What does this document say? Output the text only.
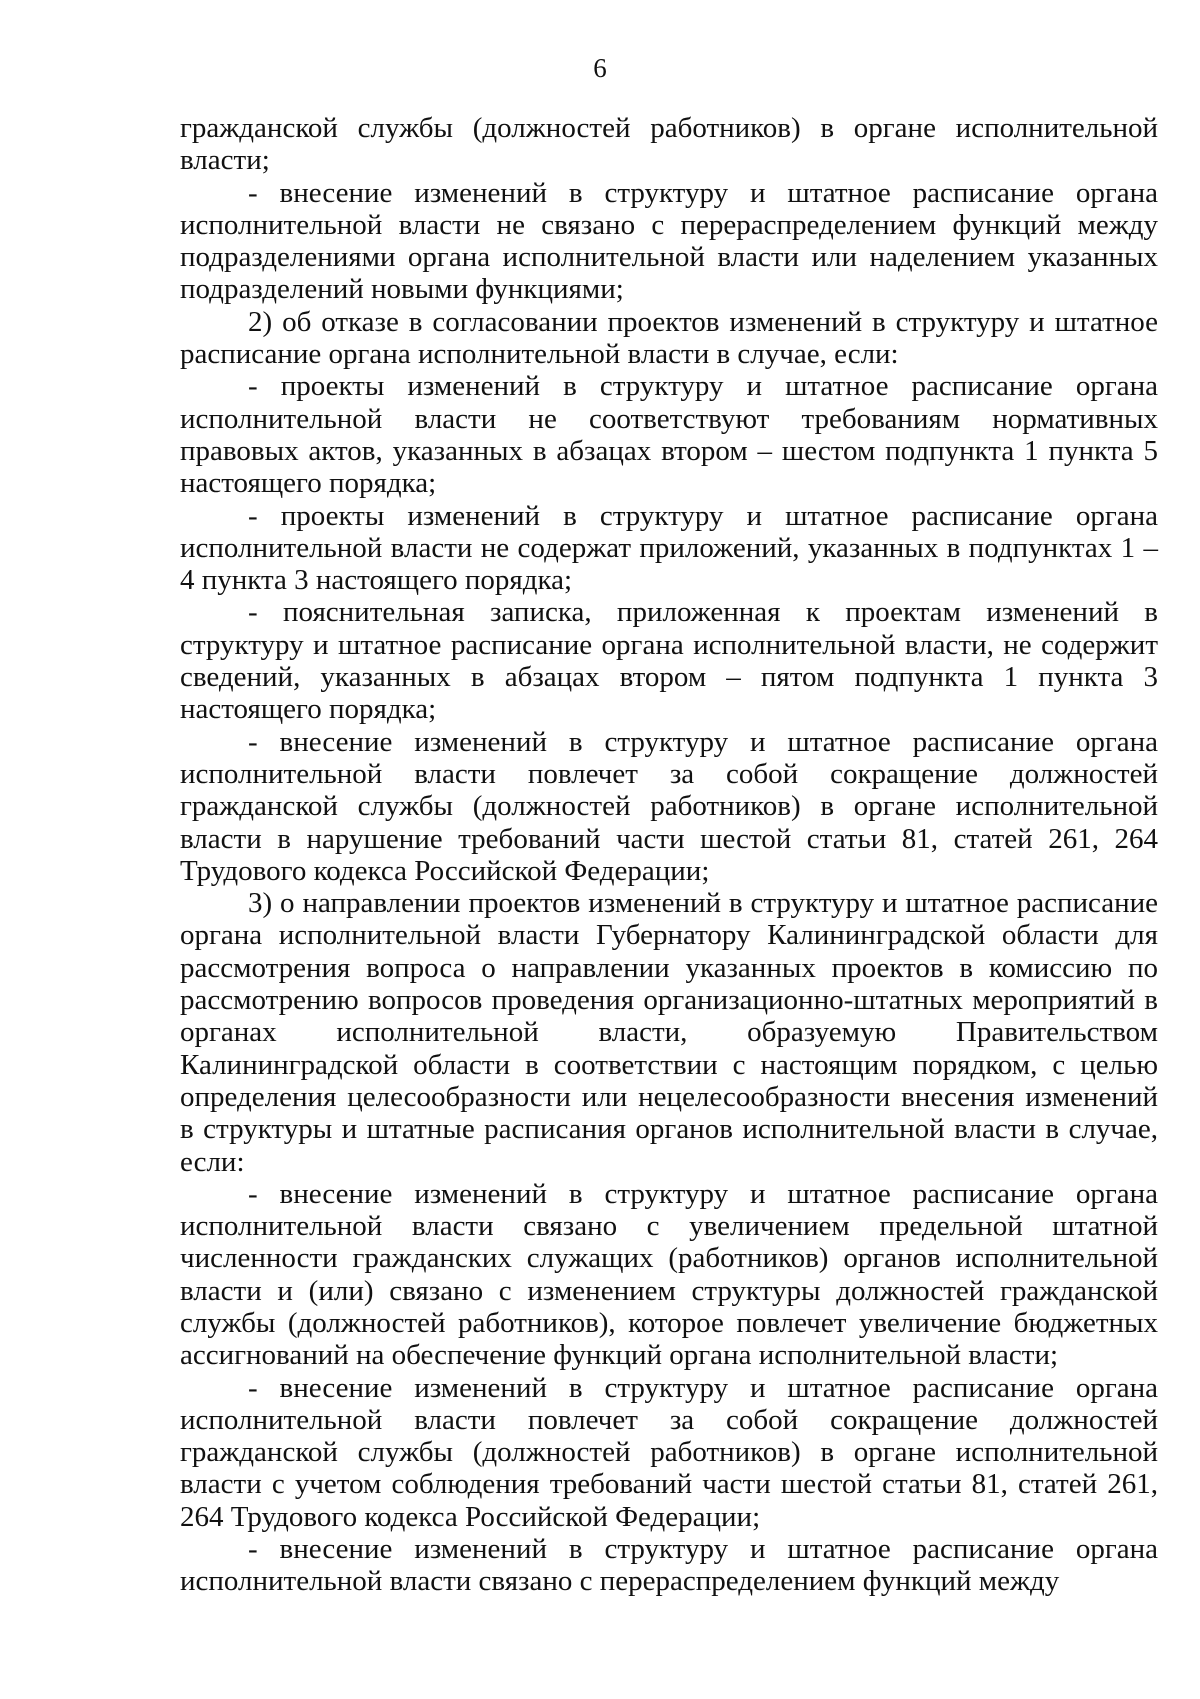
6

гражданской службы (должностей работников) в органе исполнительной власти;

- внесение изменений в структуру и штатное расписание органа исполнительной власти не связано с перераспределением функций между подразделениями органа исполнительной власти или наделением указанных подразделений новыми функциями;

2) об отказе в согласовании проектов изменений в структуру и штатное расписание органа исполнительной власти в случае, если:

- проекты изменений в структуру и штатное расписание органа исполнительной власти не соответствуют требованиям нормативных правовых актов, указанных в абзацах втором – шестом подпункта 1 пункта 5 настоящего порядка;

- проекты изменений в структуру и штатное расписание органа исполнительной власти не содержат приложений, указанных в подпунктах 1 – 4 пункта 3 настоящего порядка;

- пояснительная записка, приложенная к проектам изменений в структуру и штатное расписание органа исполнительной власти, не содержит сведений, указанных в абзацах втором – пятом подпункта 1 пункта 3 настоящего порядка;

- внесение изменений в структуру и штатное расписание органа исполнительной власти повлечет за собой сокращение должностей гражданской службы (должностей работников) в органе исполнительной власти в нарушение требований части шестой статьи 81, статей 261, 264 Трудового кодекса Российской Федерации;

3) о направлении проектов изменений в структуру и штатное расписание органа исполнительной власти Губернатору Калининградской области для рассмотрения вопроса о направлении указанных проектов в комиссию по рассмотрению вопросов проведения организационно-штатных мероприятий в органах исполнительной власти, образуемую Правительством Калининградской области в соответствии с настоящим порядком, с целью определения целесообразности или нецелесообразности внесения изменений в структуры и штатные расписания органов исполнительной власти в случае, если:

- внесение изменений в структуру и штатное расписание органа исполнительной власти связано с увеличением предельной штатной численности гражданских служащих (работников) органов исполнительной власти и (или) связано с изменением структуры должностей гражданской службы (должностей работников), которое повлечет увеличение бюджетных ассигнований на обеспечение функций органа исполнительной власти;

- внесение изменений в структуру и штатное расписание органа исполнительной власти повлечет за собой сокращение должностей гражданской службы (должностей работников) в органе исполнительной власти с учетом соблюдения требований части шестой статьи 81, статей 261, 264 Трудового кодекса Российской Федерации;

- внесение изменений в структуру и штатное расписание органа исполнительной власти связано с перераспределением функций между
